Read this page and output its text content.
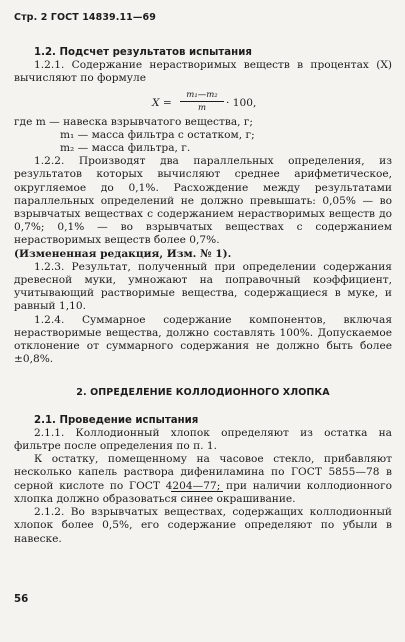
Стр. 2 ГОСТ 14839.11—69

1.2. Подсчет результатов испытания

1.2.1. Содержание нерастворимых веществ в процентах (X) вычисляют по формуле

$X = \frac{\text{m₁—m₂}}{m} \cdot 100$,
где m — навеска взрывчатого вещества, г;
m₁ — масса фильтра с остатком, г;
m₂ — масса фильтра, г.

1.2.2. Производят два параллельных определения, из результатов которых вычисляют среднее арифметическое, округляемое до 0,1%. Расхождение между результатами параллельных определений не должно превышать: 0,05% — во взрывчатых веществах с содержанием нерастворимых веществ до 0,7%; 0,1% — во взрывчатых веществах с содержанием нерастворимых веществ более 0,7%.

(Измененная редакция, Изм. № 1).

1.2.3. Результат, полученный при определении содержания древесной муки, умножают на поправочный коэффициент, учитывающий растворимые вещества, содержащиеся в муке, и равный 1,10.

1.2.4. Суммарное содержание компонентов, включая нерастворимые вещества, должно составлять 100%. Допускаемое отклонение от суммарного содержания не должно быть более ±0,8%.

2. ОПРЕДЕЛЕНИЕ КОЛЛОДИОННОГО ХЛОПКА

2.1. Проведение испытания

2.1.1. Коллодионный хлопок определяют из остатка на фильтре после определения по п. 1.

К остатку, помещенному на часовое стекло, прибавляют несколько капель раствора дифениламина по ГОСТ 5855—78 в серной кислоте по ГОСТ 4204—77; при наличии коллодионного хлопка должно образоваться синее окрашивание.

2.1.2. Во взрывчатых веществах, содержащих коллодионный хлопок более 0,5%, его содержание определяют по убыли в навеске.

56
